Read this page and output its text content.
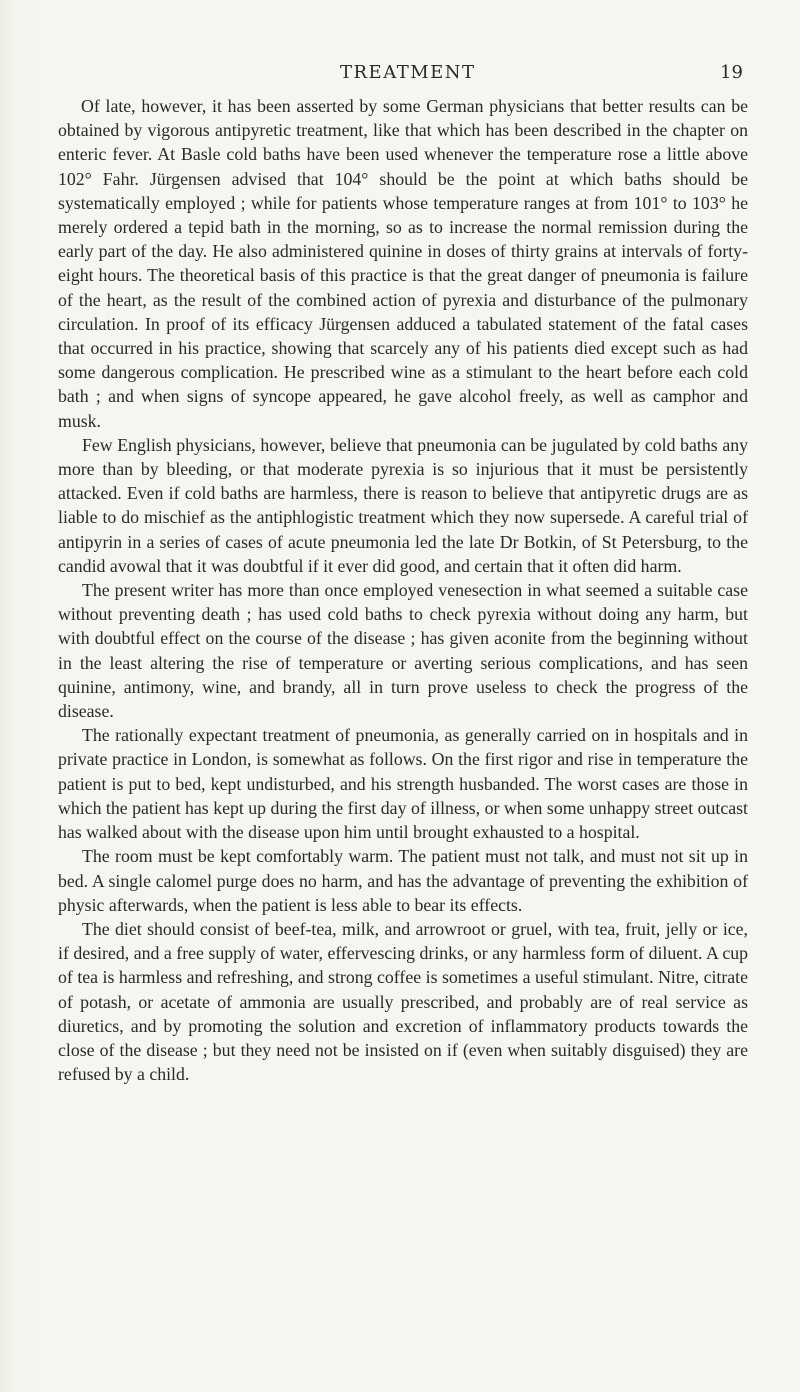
TREATMENT	19

Of late, however, it has been asserted by some German physicians that better results can be obtained by vigorous antipyretic treatment, like that which has been described in the chapter on enteric fever. At Basle cold baths have been used whenever the temperature rose a little above 102° Fahr. Jürgensen advised that 104° should be the point at which baths should be systematically employed ; while for patients whose temperature ranges at from 101° to 103° he merely ordered a tepid bath in the morning, so as to increase the normal remission during the early part of the day. He also administered quinine in doses of thirty grains at intervals of forty-eight hours. The theoretical basis of this practice is that the great danger of pneumonia is failure of the heart, as the result of the combined action of pyrexia and disturbance of the pulmonary circulation. In proof of its efficacy Jürgensen adduced a tabulated statement of the fatal cases that occurred in his practice, showing that scarcely any of his patients died except such as had some dangerous complication. He prescribed wine as a stimulant to the heart before each cold bath ; and when signs of syncope appeared, he gave alcohol freely, as well as camphor and musk.

Few English physicians, however, believe that pneumonia can be jugulated by cold baths any more than by bleeding, or that moderate pyrexia is so injurious that it must be persistently attacked. Even if cold baths are harmless, there is reason to believe that antipyretic drugs are as liable to do mischief as the antiphlogistic treatment which they now supersede. A careful trial of antipyrin in a series of cases of acute pneumonia led the late Dr Botkin, of St Petersburg, to the candid avowal that it was doubtful if it ever did good, and certain that it often did harm.

The present writer has more than once employed venesection in what seemed a suitable case without preventing death ; has used cold baths to check pyrexia without doing any harm, but with doubtful effect on the course of the disease ; has given aconite from the beginning without in the least altering the rise of temperature or averting serious complications, and has seen quinine, antimony, wine, and brandy, all in turn prove useless to check the progress of the disease.

The rationally expectant treatment of pneumonia, as generally carried on in hospitals and in private practice in London, is somewhat as follows. On the first rigor and rise in temperature the patient is put to bed, kept undisturbed, and his strength husbanded. The worst cases are those in which the patient has kept up during the first day of illness, or when some unhappy street outcast has walked about with the disease upon him until brought exhausted to a hospital.

The room must be kept comfortably warm. The patient must not talk, and must not sit up in bed. A single calomel purge does no harm, and has the advantage of preventing the exhibition of physic afterwards, when the patient is less able to bear its effects.

The diet should consist of beef-tea, milk, and arrowroot or gruel, with tea, fruit, jelly or ice, if desired, and a free supply of water, effervescing drinks, or any harmless form of diluent. A cup of tea is harmless and refreshing, and strong coffee is sometimes a useful stimulant. Nitre, citrate of potash, or acetate of ammonia are usually prescribed, and probably are of real service as diuretics, and by promoting the solution and excretion of inflammatory products towards the close of the disease ; but they need not be insisted on if (even when suitably disguised) they are refused by a child.
